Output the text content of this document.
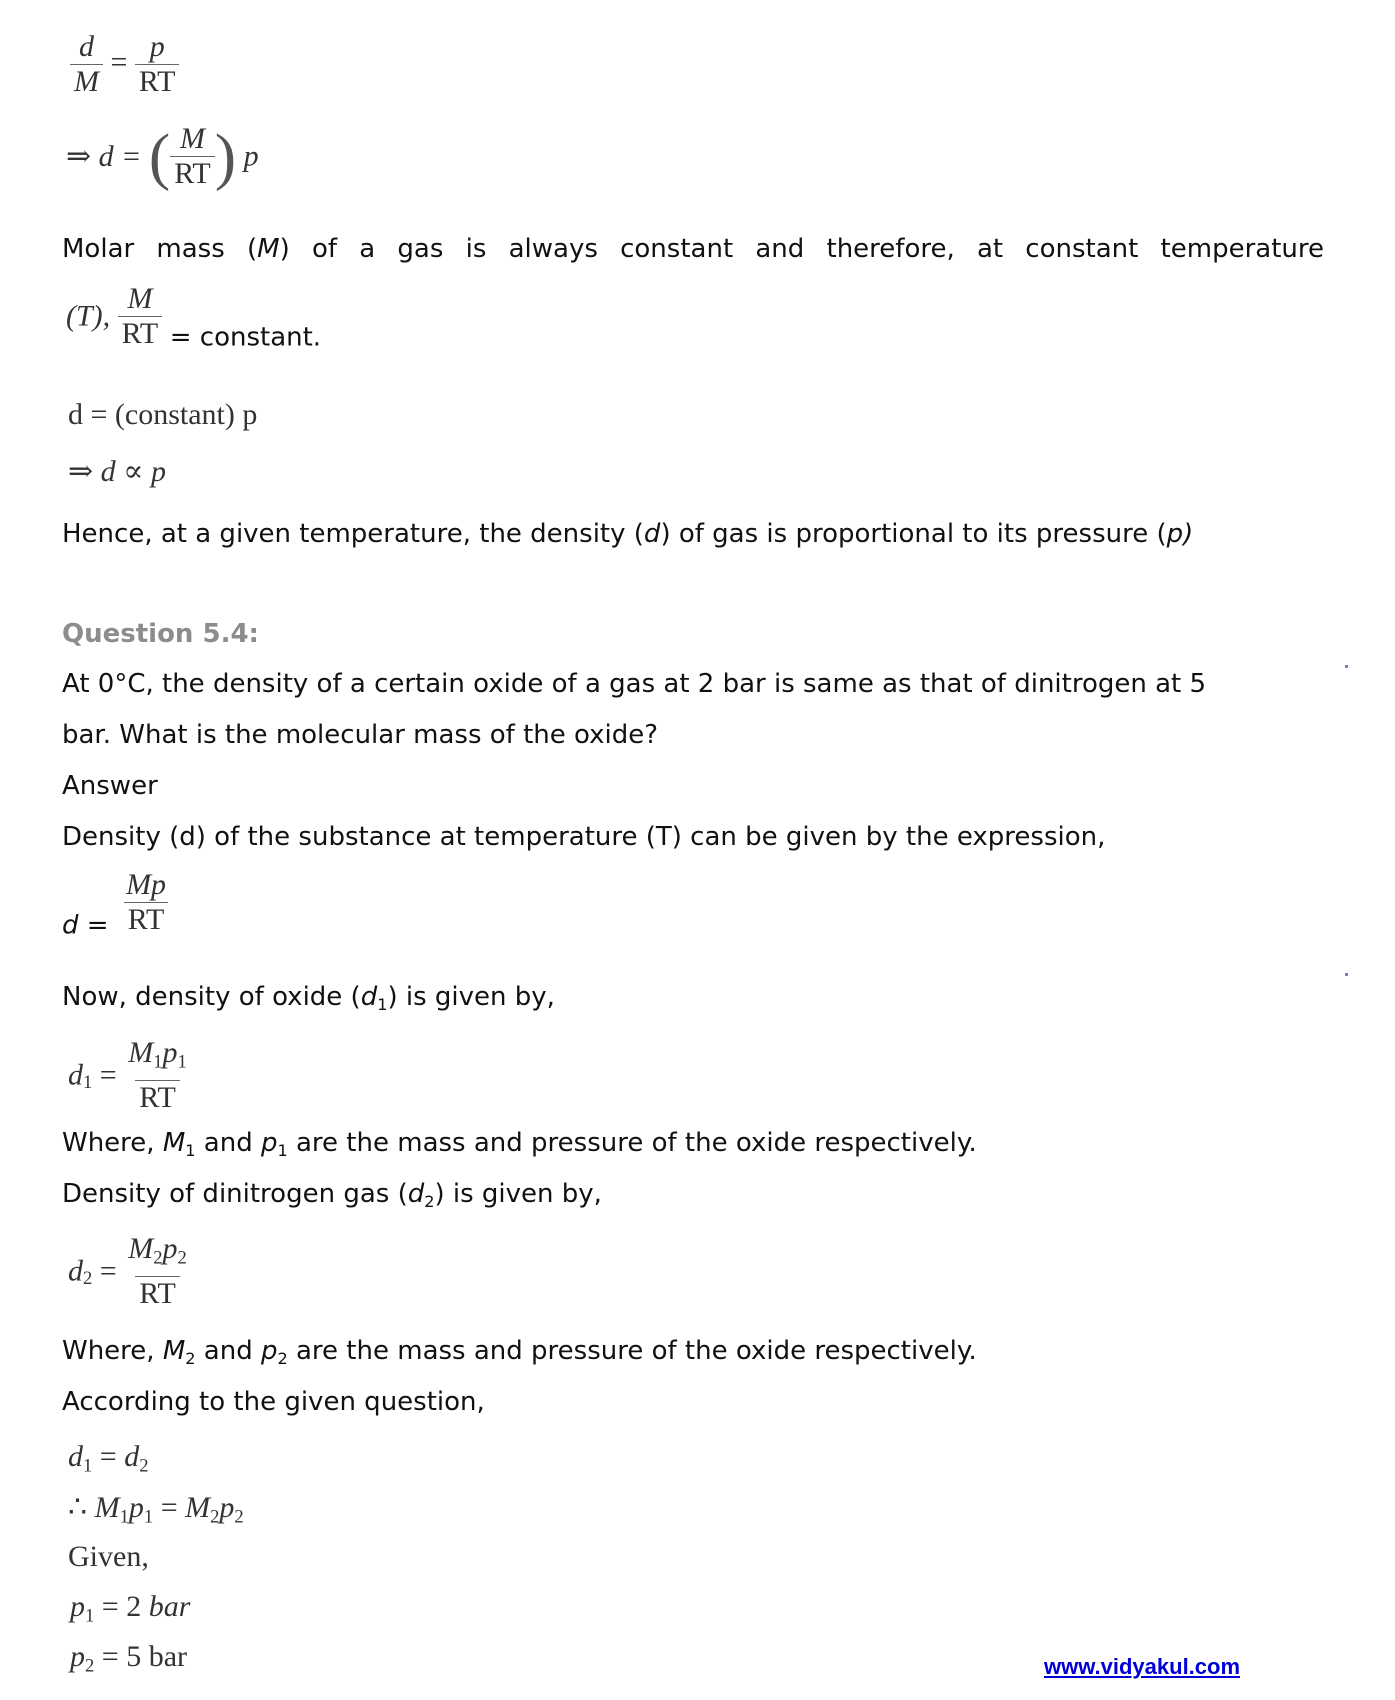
$\frac{d}{M} = \frac{p}{RT}$
⇒ d = ( $\frac{M}{RT}$ ) p
Molar mass (M) of a gas is always constant and therefore, at constant temperature
(T), $\frac{M}{RT}$ = constant.
d = (constant) p
⇒ d ∝ p
Hence, at a given temperature, the density (d) of gas is proportional to its pressure (p)
Question 5.4:
At 0°C, the density of a certain oxide of a gas at 2 bar is same as that of dinitrogen at 5
bar. What is the molecular mass of the oxide?
Answer
Density (d) of the substance at temperature (T) can be given by the expression,
$d = \frac{Mp}{RT}$
Now, density of oxide $(d_1)$ is given by,
$d_1 = \frac{M_1p_1}{RT}$
Where, $M_1$ and $p_1$ are the mass and pressure of the oxide respectively.
Density of dinitrogen gas $(d_2)$ is given by,
$d_2 = \frac{M_2p_2}{RT}$
Where, $M_2$ and $p_2$ are the mass and pressure of the oxide respectively.
According to the given question,
$d_1 = d_2$
∴ $M_1p_1 = M_2p_2$
Given,
$p_1 = 2$ bar
$p_2 = 5$ bar	www.vidyakul.com
